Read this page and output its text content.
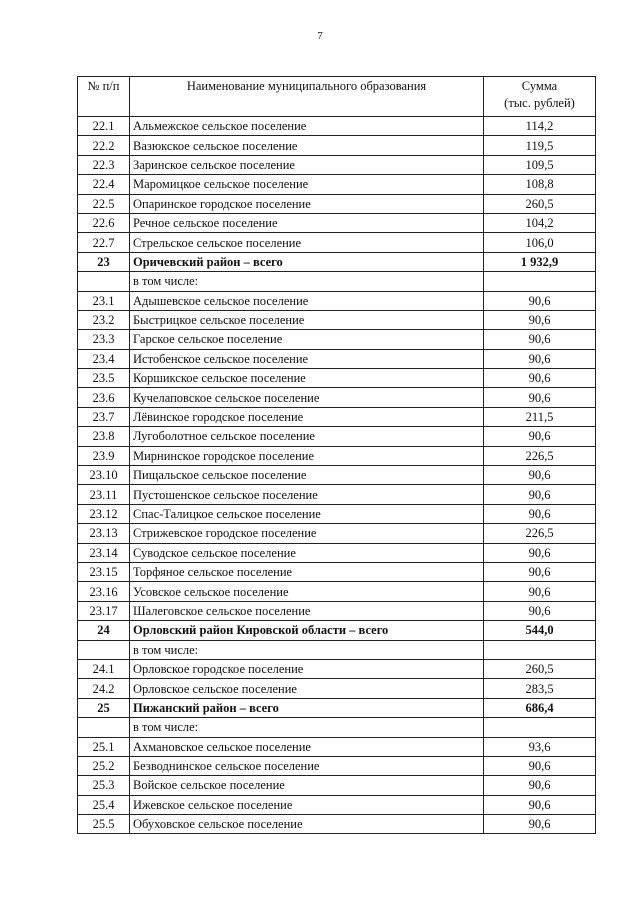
7
№ п/п	Наименование муниципального образования	Сумма
(тыс. рублей)

22.1	Альмежское сельское поселение	114,2
22.2	Вазюкское сельское поселение	119,5
22.3	Заринское сельское поселение	109,5
22.4	Маромицкое сельское поселение	108,8
22.5	Опаринское городское поселение	260,5
22.6	Речное сельское поселение	104,2
22.7	Стрельское сельское поселение	106,0
23	Оричевский район – всего	1 932,9
	в том числе:	
23.1	Адышевское сельское поселение	90,6
23.2	Быстрицкое сельское поселение	90,6
23.3	Гарское сельское поселение	90,6
23.4	Истобенское сельское поселение	90,6
23.5	Коршикское сельское поселение	90,6
23.6	Кучелаповское сельское поселение	90,6
23.7	Лёвинское городское поселение	211,5
23.8	Лугоболотное сельское поселение	90,6
23.9	Мирнинское городское поселение	226,5
23.10	Пищальское сельское поселение	90,6
23.11	Пустошенское сельское поселение	90,6
23.12	Спас-Талицкое сельское поселение	90,6
23.13	Стрижевское городское поселение	226,5
23.14	Суводское сельское поселение	90,6
23.15	Торфяное сельское поселение	90,6
23.16	Усовское сельское поселение	90,6
23.17	Шалеговское сельское поселение	90,6
24	Орловский район Кировской области – всего	544,0
	в том числе:	
24.1	Орловское городское поселение	260,5
24.2	Орловское сельское поселение	283,5
25	Пижанский район – всего	686,4
	в том числе:	
25.1	Ахмановское сельское поселение	93,6
25.2	Безводнинское сельское поселение	90,6
25.3	Войское сельское поселение	90,6
25.4	Ижевское сельское поселение	90,6
25.5	Обуховское сельское поселение	90,6
